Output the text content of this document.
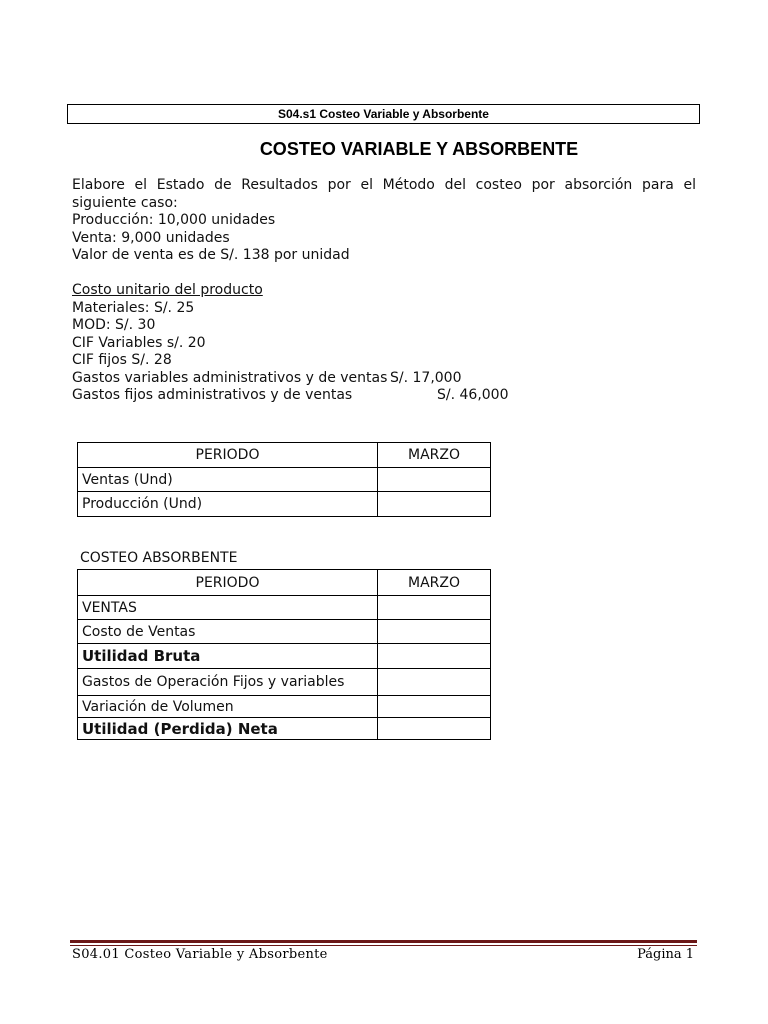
S04.s1 Costeo Variable y Absorbente
COSTEO VARIABLE Y ABSORBENTE
Elabore el Estado de Resultados por el Método del costeo por absorción para el siguiente caso:
Producción: 10,000 unidades
Venta: 9,000 unidades
Valor de venta es de S/. 138 por unidad
Costo unitario del producto
Materiales: S/. 25
MOD: S/. 30
CIF Variables s/. 20
CIF fijos S/. 28
Gastos variables administrativos y de ventas S/. 17,000
Gastos fijos administrativos y de ventas	S/. 46,000
PERIODO	MARZO
Ventas (Und)	
Producción (Und)	
COSTEO ABSORBENTE
PERIODO	MARZO
VENTAS	
Costo de Ventas	
Utilidad Bruta	
Gastos de Operación Fijos y variables	
Variación de Volumen	
Utilidad (Perdida) Neta	
S04.01 Costeo Variable y Absorbente	Página 1
